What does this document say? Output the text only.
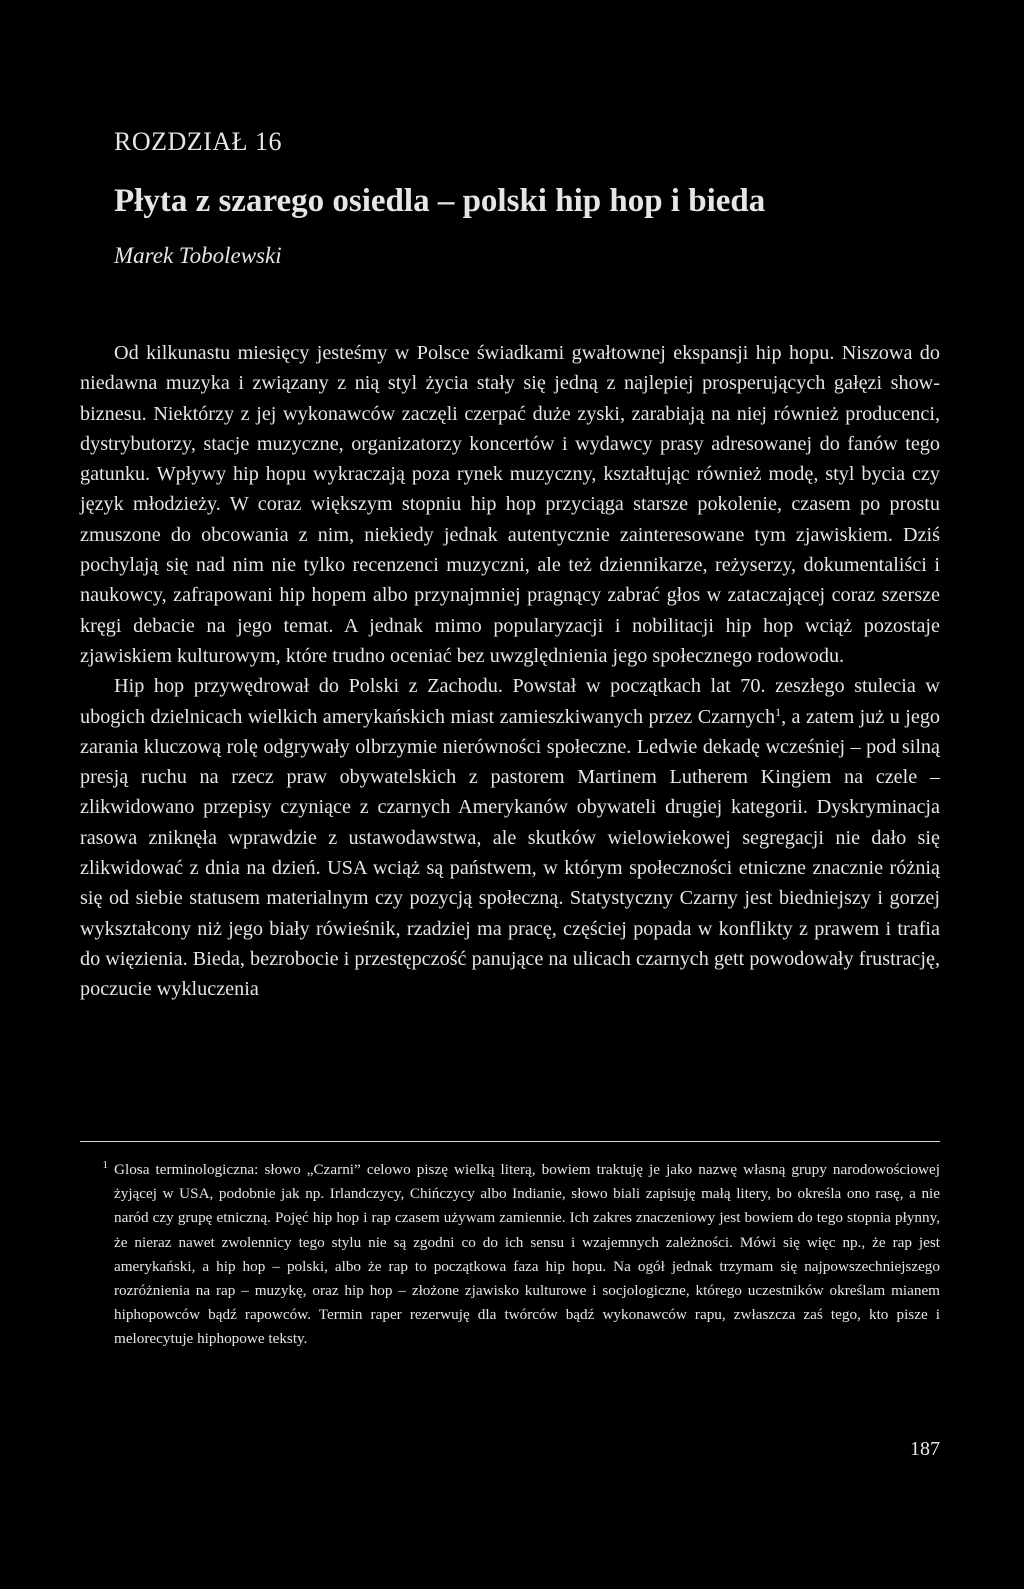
ROZDZIAŁ 16
Płyta z szarego osiedla – polski hip hop i bieda

Marek Tobolewski

Od kilkunastu miesięcy jesteśmy w Polsce świadkami gwałtownej ekspansji hip hopu. Niszowa do niedawna muzyka i związany z nią styl życia stały się jedną z najlepiej prosperujących gałęzi show-biznesu. Niektórzy z jej wykonawców zaczęli czerpać duże zyski, zarabiają na niej również producenci, dystrybutorzy, stacje muzyczne, organizatorzy koncertów i wydawcy prasy adresowanej do fanów tego gatunku. Wpływy hip hopu wykraczają poza rynek muzyczny, kształtując również modę, styl bycia czy język młodzieży. W coraz większym stopniu hip hop przyciąga starsze pokolenie, czasem po prostu zmuszone do obcowania z nim, niekiedy jednak autentycznie zainteresowane tym zjawiskiem. Dziś pochylają się nad nim nie tylko recenzenci muzyczni, ale też dziennikarze, reżyserzy, dokumentaliści i naukowcy, zafrapowani hip hopem albo przynajmniej pragnący zabrać głos w zataczającej coraz szersze kręgi debacie na jego temat. A jednak mimo popularyzacji i nobilitacji hip hop wciąż pozostaje zjawiskiem kulturowym, które trudno oceniać bez uwzględnienia jego społecznego rodowodu.

Hip hop przywędrował do Polski z Zachodu. Powstał w początkach lat 70. zeszłego stulecia w ubogich dzielnicach wielkich amerykańskich miast zamieszkiwanych przez Czarnych$^1$, a zatem już u jego zarania kluczową rolę odgrywały olbrzymie nierówności społeczne. Ledwie dekadę wcześniej – pod silną presją ruchu na rzecz praw obywatelskich z pastorem Martinem Lutherem Kingiem na czele – zlikwidowano przepisy czyniące z czarnych Amerykanów obywateli drugiej kategorii. Dyskryminacja rasowa zniknęła wprawdzie z ustawodawstwa, ale skutków wielowiekowej segregacji nie dało się zlikwidować z dnia na dzień. USA wciąż są państwem, w którym społeczności etniczne znacznie różnią się od siebie statusem materialnym czy pozycją społeczną. Statystyczny Czarny jest biedniejszy i gorzej wykształcony niż jego biały rówieśnik, rzadziej ma pracę, częściej popada w konflikty z prawem i trafia do więzienia. Bieda, bezrobocie i przestępczość panujące na ulicach czarnych gett powodowały frustrację, poczucie wykluczenia

1 Glosa terminologiczna: słowo „Czarni” celowo piszę wielką literą, bowiem traktuję je jako nazwę własną grupy narodowościowej żyjącej w USA, podobnie jak np. Irlandczycy, Chińczycy albo Indianie, słowo biali zapisuję małą litery, bo określa ono rasę, a nie naród czy grupę etniczną. Pojęć hip hop i rap czasem używam zamiennie. Ich zakres znaczeniowy jest bowiem do tego stopnia płynny, że nieraz nawet zwolennicy tego stylu nie są zgodni co do ich sensu i wzajemnych zależności. Mówi się więc np., że rap jest amerykański, a hip hop – polski, albo że rap to początkowa faza hip hopu. Na ogół jednak trzymam się najpowszechniejszego rozróżnienia na rap – muzykę, oraz hip hop – złożone zjawisko kulturowe i socjologiczne, którego uczestników określam mianem hiphopowców bądź rapowców. Termin raper rezerwuję dla twórców bądź wykonawców rapu, zwłaszcza zaś tego, kto pisze i melorecytuje hiphopowe teksty.

187
